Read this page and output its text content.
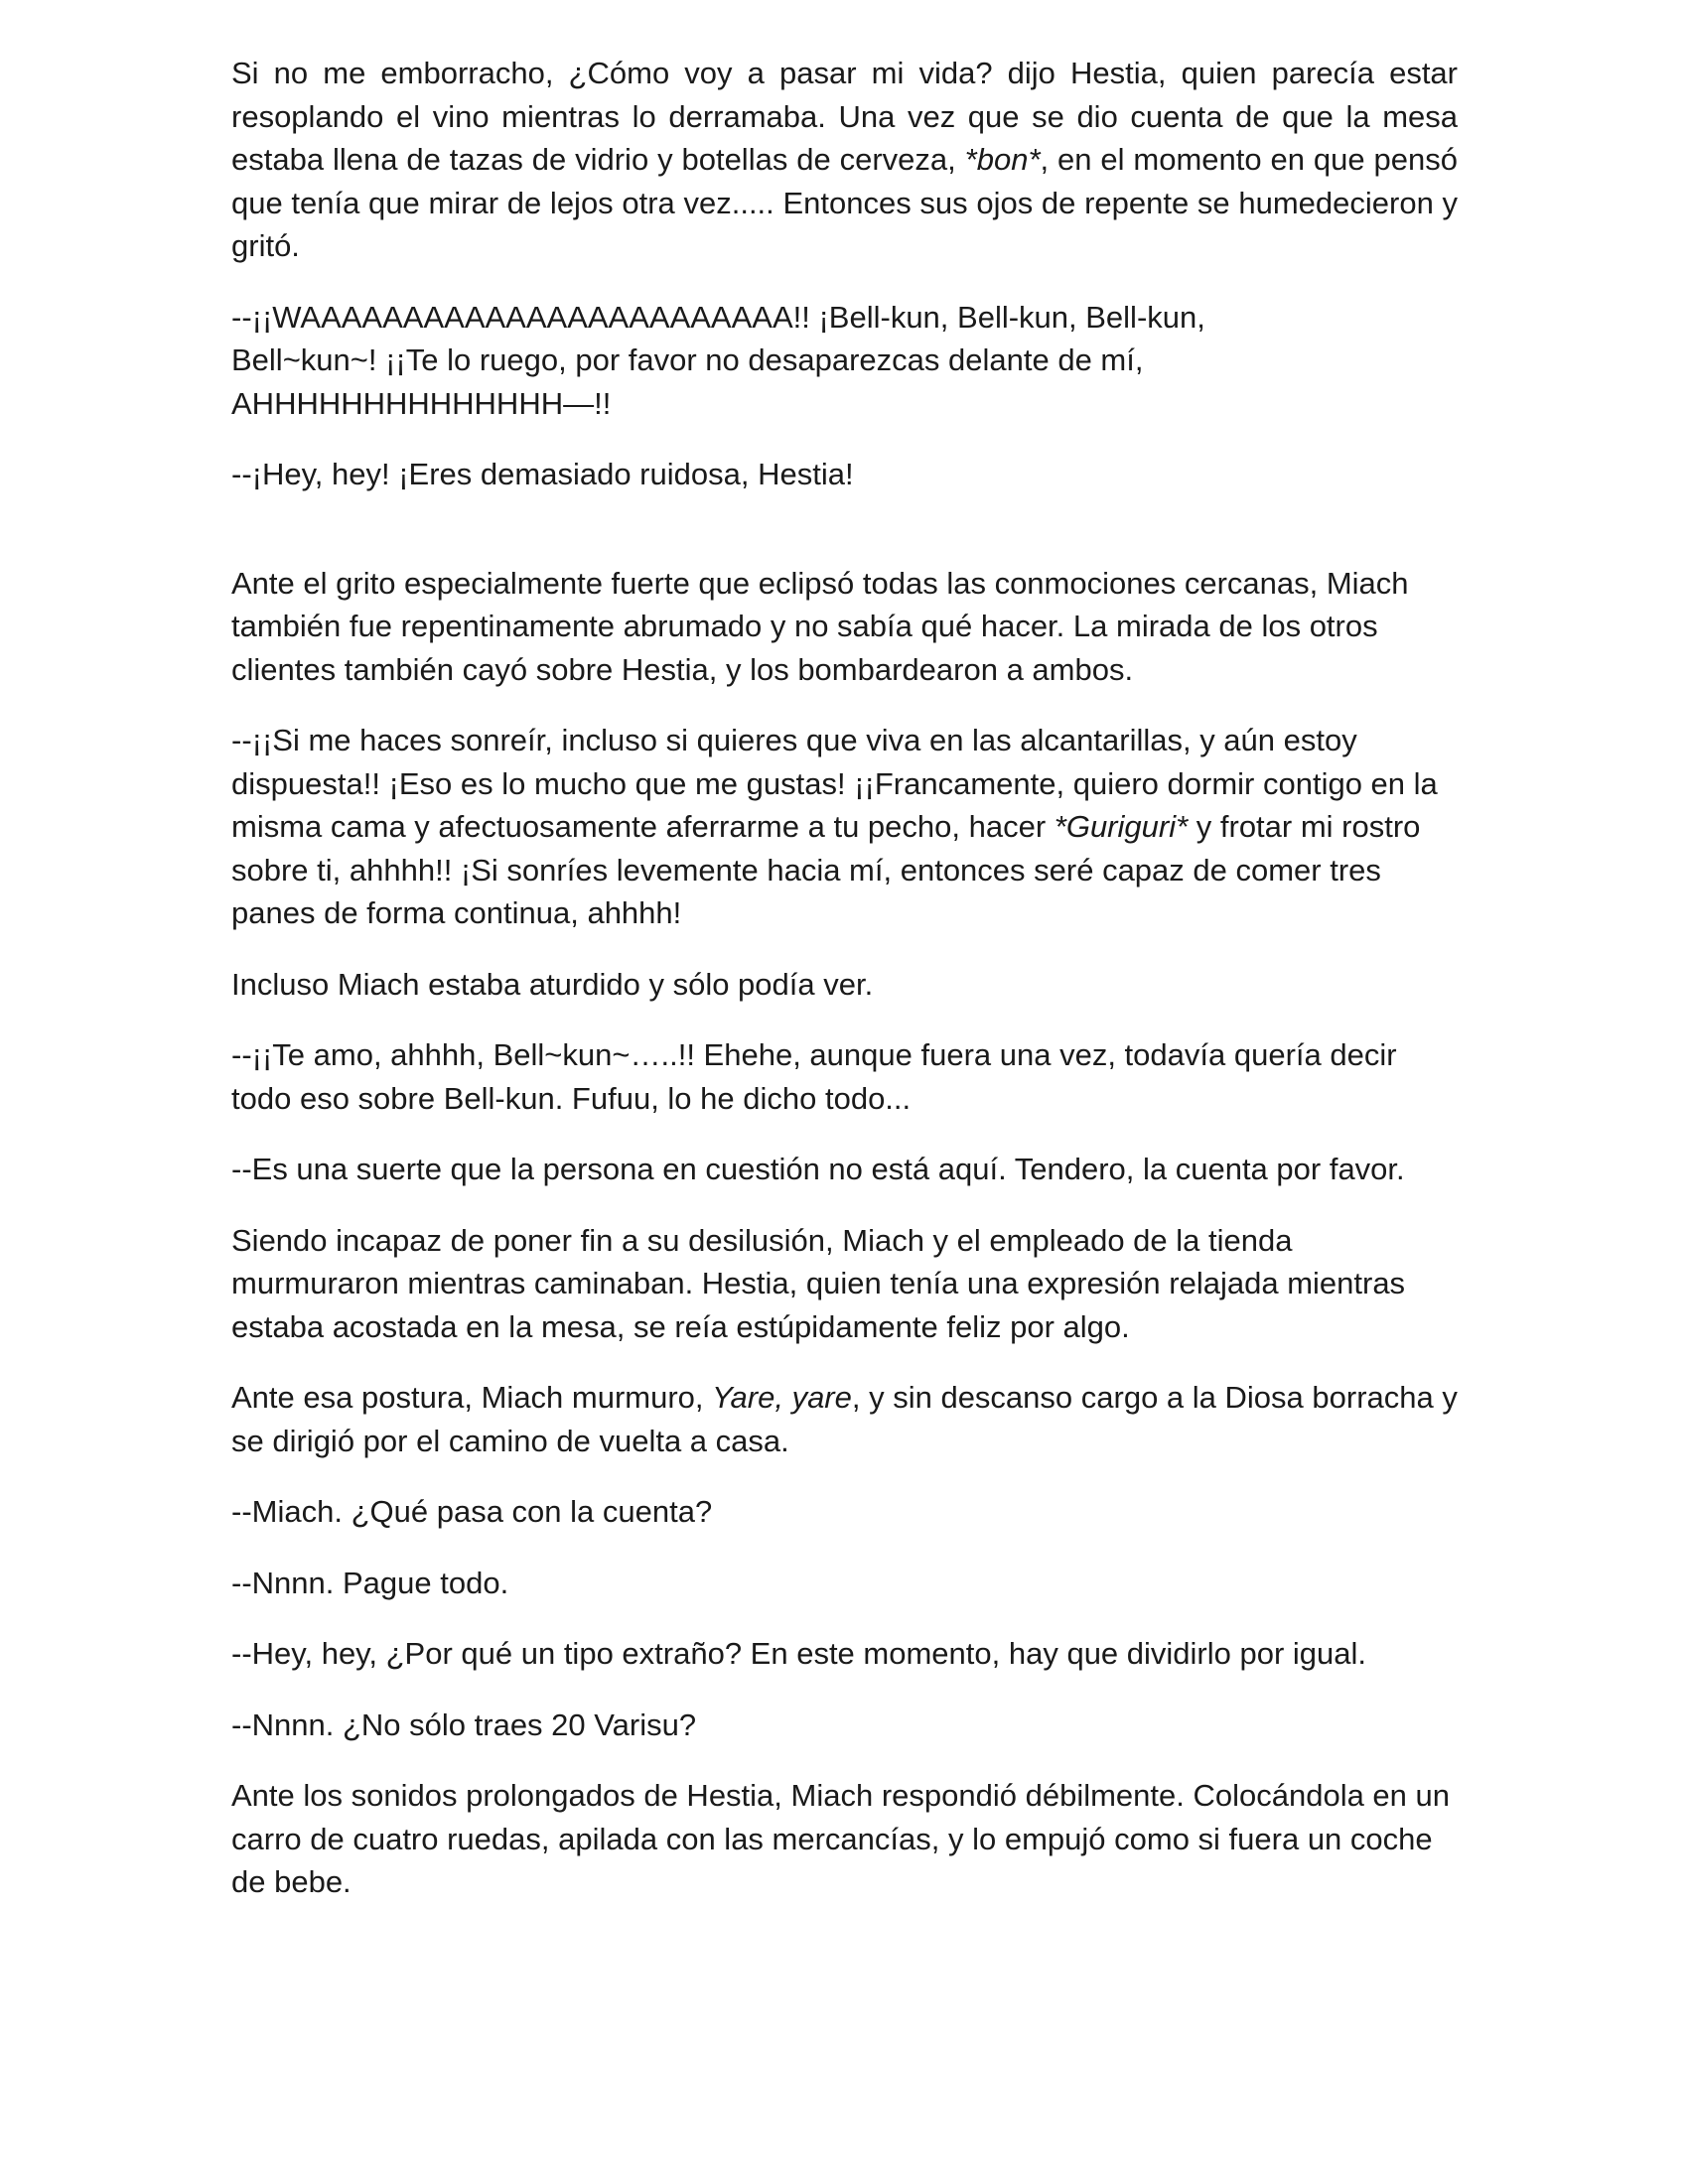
Si no me emborracho, ¿Cómo voy a pasar mi vida? dijo Hestia, quien parecía estar resoplando el vino mientras lo derramaba. Una vez que se dio cuenta de que la mesa estaba llena de tazas de vidrio y botellas de cerveza, *bon*, en el momento en que pensó que tenía que mirar de lejos otra vez..... Entonces sus ojos de repente se humedecieron y gritó.

--¡¡WAAAAAAAAAAAAAAAAAAAAAAAA!! ¡Bell-kun, Bell-kun, Bell-kun,
Bell~kun~! ¡¡Te lo ruego, por favor no desaparezcas delante de mí,
AHHHHHHHHHHHHHH—!!

--¡Hey, hey! ¡Eres demasiado ruidosa, Hestia!

Ante el grito especialmente fuerte que eclipsó todas las conmociones cercanas, Miach también fue repentinamente abrumado y no sabía qué hacer. La mirada de los otros clientes también cayó sobre Hestia, y los bombardearon a ambos.

--¡¡Si me haces sonreír, incluso si quieres que viva en las alcantarillas, y aún estoy dispuesta!! ¡Eso es lo mucho que me gustas! ¡¡Francamente, quiero dormir contigo en la misma cama y afectuosamente aferrarme a tu pecho, hacer *Guriguri* y frotar mi rostro sobre ti, ahhhh!! ¡Si sonríes levemente hacia mí, entonces seré capaz de comer tres panes de forma continua, ahhhh!

Incluso Miach estaba aturdido y sólo podía ver.

--¡¡Te amo, ahhhh, Bell~kun~…..!! Ehehe, aunque fuera una vez, todavía quería decir todo eso sobre Bell-kun. Fufuu, lo he dicho todo...

--Es una suerte que la persona en cuestión no está aquí. Tendero, la cuenta por favor.

Siendo incapaz de poner fin a su desilusión, Miach y el empleado de la tienda murmuraron mientras caminaban. Hestia, quien tenía una expresión relajada mientras estaba acostada en la mesa, se reía estúpidamente feliz por algo.

Ante esa postura, Miach murmuro, Yare, yare, y sin descanso cargo a la Diosa borracha y se dirigió por el camino de vuelta a casa.

--Miach. ¿Qué pasa con la cuenta?

--Nnnn. Pague todo.

--Hey, hey, ¿Por qué un tipo extraño? En este momento, hay que dividirlo por igual.

--Nnnn. ¿No sólo traes 20 Varisu?

Ante los sonidos prolongados de Hestia, Miach respondió débilmente. Colocándola en un carro de cuatro ruedas, apilada con las mercancías, y lo empujó como si fuera un coche de bebe.
